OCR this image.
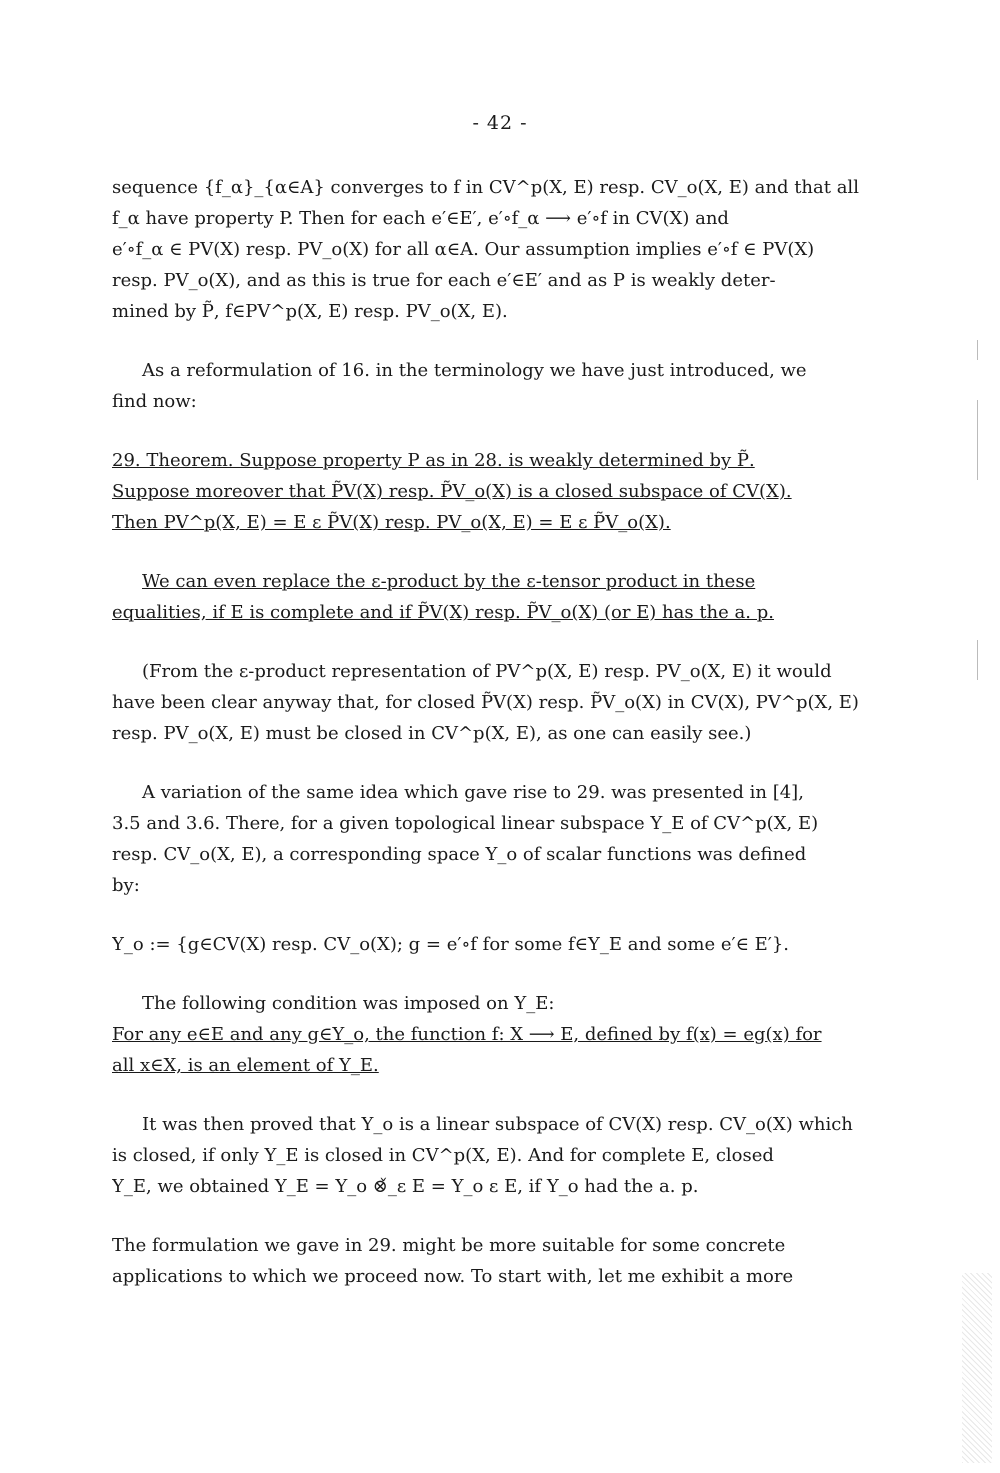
- 42 -

sequence {f_α}_{α∈A} converges to f in CV^p(X, E) resp. CV_o(X, E) and that all
f_α have property P. Then for each e′∈E′, e′∘f_α ⟶ e′∘f in CV(X) and
e′∘f_α ∈ PV(X) resp. PV_o(X) for all α∈A. Our assumption implies e′∘f ∈ PV(X)
resp. PV_o(X), and as this is true for each e′∈E′ and as P is weakly deter-
mined by P̃, f∈PV^p(X, E) resp. PV_o(X, E).

As a reformulation of 16. in the terminology we have just introduced, we
find now:

29. Theorem. Suppose property P as in 28. is weakly determined by P̃.
Suppose moreover that P̃V(X) resp. P̃V_o(X) is a closed subspace of CV(X).
Then PV^p(X, E) = E ε P̃V(X) resp. PV_o(X, E) = E ε P̃V_o(X).

We can even replace the ε-product by the ε-tensor product in these
equalities, if E is complete and if P̃V(X) resp. P̃V_o(X) (or E) has the a. p.

(From the ε-product representation of PV^p(X, E) resp. PV_o(X, E) it would
have been clear anyway that, for closed P̃V(X) resp. P̃V_o(X) in CV(X), PV^p(X, E)
resp. PV_o(X, E) must be closed in CV^p(X, E), as one can easily see.)

A variation of the same idea which gave rise to 29. was presented in [4],
3.5 and 3.6. There, for a given topological linear subspace Y_E of CV^p(X, E)
resp. CV_o(X, E), a corresponding space Y_o of scalar functions was defined
by:

Y_o := {g∈CV(X) resp. CV_o(X); g = e′∘f for some f∈Y_E and some e′∈ E′}.

The following condition was imposed on Y_E:
For any e∈E and any g∈Y_o, the function f: X ⟶ E, defined by f(x) = eg(x) for
all x∈X, is an element of Y_E.

It was then proved that Y_o is a linear subspace of CV(X) resp. CV_o(X) which
is closed, if only Y_E is closed in CV^p(X, E). And for complete E, closed
Y_E, we obtained Y_E = Y_o ⊗̌_ε E = Y_o ε E, if Y_o had the a. p.

The formulation we gave in 29. might be more suitable for some concrete
applications to which we proceed now. To start with, let me exhibit a more
